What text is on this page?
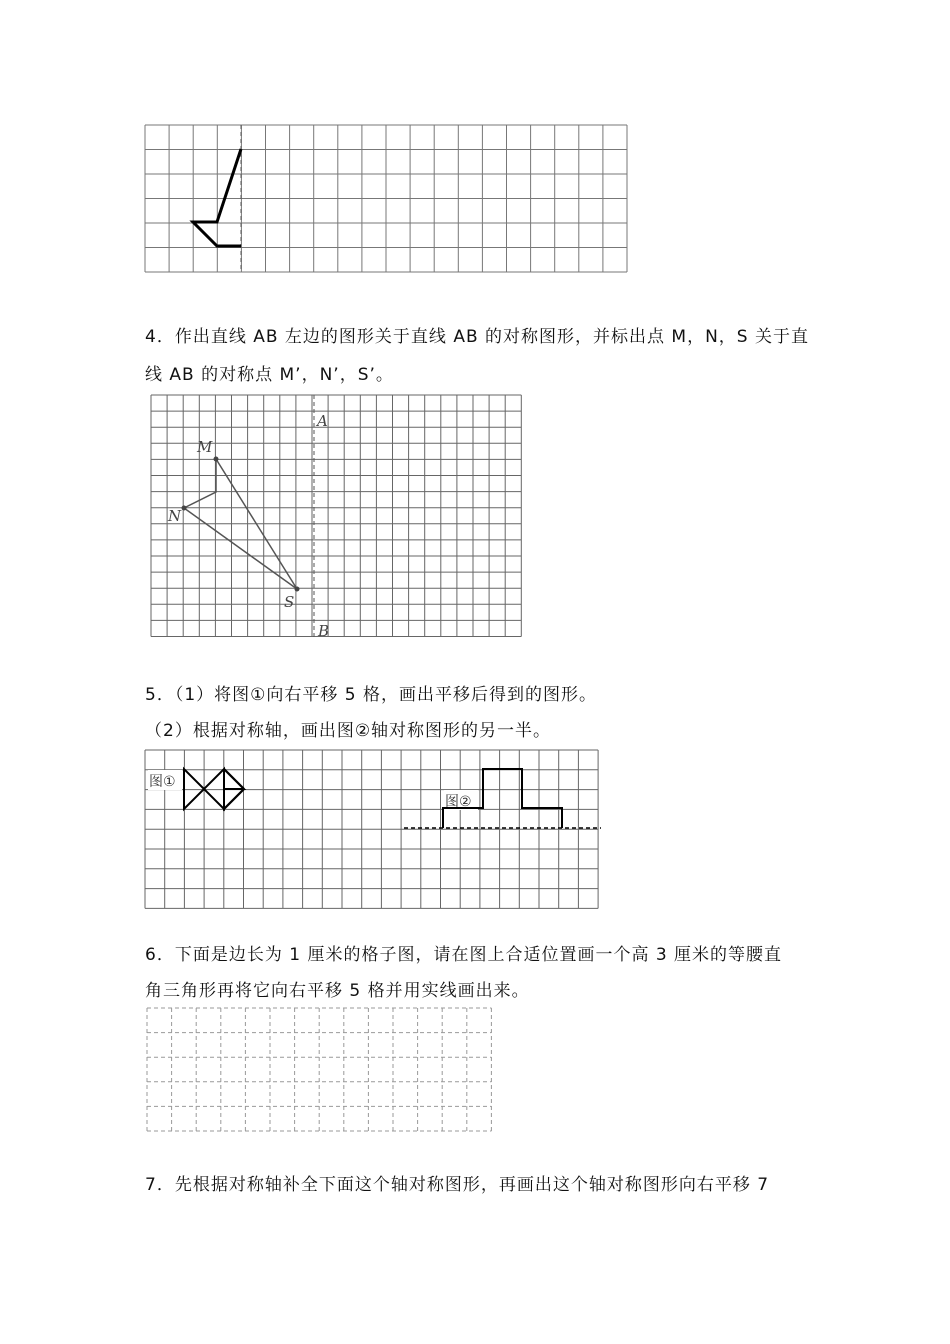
4．作出直线 AB 左边的图形关于直线 AB 的对称图形，并标出点 M，N，S 关于直
线 AB 的对称点 M’，N’，S’。
M
N
S
A
B
5．（1）将图①向右平移 5 格，画出平移后得到的图形。
（2）根据对称轴，画出图②轴对称图形的另一半。
图①
图②
6．下面是边长为 1 厘米的格子图，请在图上合适位置画一个高 3 厘米的等腰直
角三角形再将它向右平移 5 格并用实线画出来。
7．先根据对称轴补全下面这个轴对称图形，再画出这个轴对称图形向右平移 7
